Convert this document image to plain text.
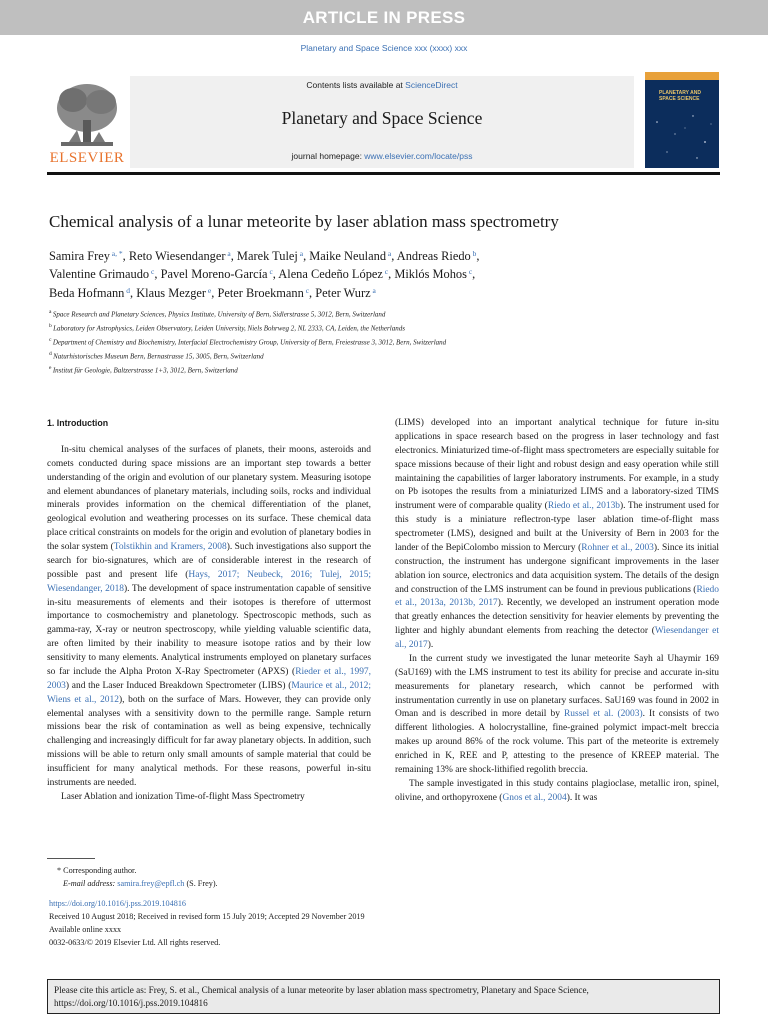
ARTICLE IN PRESS
Planetary and Space Science xxx (xxxx) xxx
Contents lists available at ScienceDirect
Planetary and Space Science
journal homepage: www.elsevier.com/locate/pss
ELSEVIER
PLANETARY AND SPACE SCIENCE
Chemical analysis of a lunar meteorite by laser ablation mass spectrometry
Samira Frey $^{a, *}$, Reto Wiesendanger $^a$, Marek Tulej $^a$, Maike Neuland $^a$, Andreas Riedo $^b$,
Valentine Grimaudo $^c$, Pavel Moreno-García $^c$, Alena Cedeño López $^c$, Miklós Mohos $^c$,
Beda Hofmann $^d$, Klaus Mezger $^e$, Peter Broekmann $^c$, Peter Wurz $^a$
$^a$ Space Research and Planetary Sciences, Physics Institute, University of Bern, Sidlerstrasse 5, 3012, Bern, Switzerland
$^b$ Laboratory for Astrophysics, Leiden Observatory, Leiden University, Niels Bohrweg 2, NL 2333, CA, Leiden, the Netherlands
$^c$ Department of Chemistry and Biochemistry, Interfacial Electrochemistry Group, University of Bern, Freiestrasse 3, 3012, Bern, Switzerland
$^d$ Naturhistorisches Museum Bern, Bernastrasse 15, 3005, Bern, Switzerland
$^e$ Institut für Geologie, Baltzerstrasse 1+3, 3012, Bern, Switzerland
1. Introduction

In-situ chemical analyses of the surfaces of planets, their moons, asteroids and comets conducted during space missions are an important step towards a better understanding of the origin and evolution of our planetary system. Measuring isotope and element abundances of planetary materials, including soils, rocks and individual minerals provides information on the chemical differentiation of the planet, geological evolution and weathering processes on its surface. These chemical data place critical constraints on models for the origin and evolution of planetary bodies in the solar system (Tolstikhin and Kramers, 2008). Such investigations also support the search for bio-signatures, which are of considerable interest in the research of possible past and present life (Hays, 2017; Neubeck, 2016; Tulej, 2015; Wiesendanger, 2018). The development of space instrumentation capable of sensitive in-situ measurements of elements and their isotopes is therefore of uttermost importance to cosmochemistry and planetology. Spectroscopic methods, such as gamma-ray, X-ray or neutron spectroscopy, while yielding valuable scientific data, are often limited by their inability to measure isotope ratios and by their low sensitivity to many elements. Analytical instruments employed on planetary surfaces so far include the Alpha Proton X-Ray Spectrometer (APXS) (Rieder et al., 1997, 2003) and the Laser Induced Breakdown Spectrometer (LIBS) (Maurice et al., 2012; Wiens et al., 2012), both on the surface of Mars. However, they can provide only elemental analyses with a sensitivity down to the permille range. Sample return missions bear the risk of contamination as well as being expensive, technically challenging and increasingly difficult for far away planetary objects. In addition, such missions will be able to return only small amounts of sample material that could be insufficient for many analytical methods. For these reasons, powerful in-situ instruments are needed.

Laser Ablation and ionization Time-of-flight Mass Spectrometry

(LIMS) developed into an important analytical technique for future in-situ applications in space research based on the progress in laser technology and fast electronics. Miniaturized time-of-flight mass spectrometers are especially suitable for space missions because of their light and robust design and easy operation while still maintaining the capabilities of larger laboratory instruments. For example, in a study on Pb isotopes the results from a miniaturized LIMS and a laboratory-sized TIMS instrument were of comparable quality (Riedo et al., 2013b). The instrument used for this study is a miniature reflectron-type laser ablation time-of-flight mass spectrometer (LMS), designed and built at the University of Bern in 2003 for the lander of the BepiColombo mission to Mercury (Rohner et al., 2003). Since its initial construction, the instrument has undergone significant improvements in the laser ablation ion source, electronics and data acquisition system. The details of the design and construction of the LMS instrument can be found in previous publications (Riedo et al., 2013a, 2013b, 2017). Recently, we developed an instrument operation mode that greatly enhances the detection sensitivity for heavier elements by preventing the lighter and highly abundant elements from reaching the detector (Wiesendanger et al., 2017).

In the current study we investigated the lunar meteorite Sayh al Uhaymir 169 (SaU169) with the LMS instrument to test its ability for precise and accurate in-situ measurements for planetary research, which cannot be performed with instrumentation currently in use on planetary surfaces. SaU169 was found in 2002 in Oman and is described in more detail by Russel et al. (2003). It consists of two different lithologies. A holocrystalline, fine-grained polymict impact-melt breccia makes up around 86% of the rock volume. This part of the meteorite is extremely enriched in K, REE and P, attesting to the presence of KREEP material. The remaining 13% are shock-lithified regolith breccia.

The sample investigated in this study contains plagioclase, metallic iron, spinel, olivine, and orthopyroxene (Gnos et al., 2004). It was

* Corresponding author.
E-mail address: samira.frey@epfl.ch (S. Frey).
https://doi.org/10.1016/j.pss.2019.104816
Received 10 August 2018; Received in revised form 15 July 2019; Accepted 29 November 2019
Available online xxxx
0032-0633/© 2019 Elsevier Ltd. All rights reserved.
Please cite this article as: Frey, S. et al., Chemical analysis of a lunar meteorite by laser ablation mass spectrometry, Planetary and Space Science, https://doi.org/10.1016/j.pss.2019.104816
